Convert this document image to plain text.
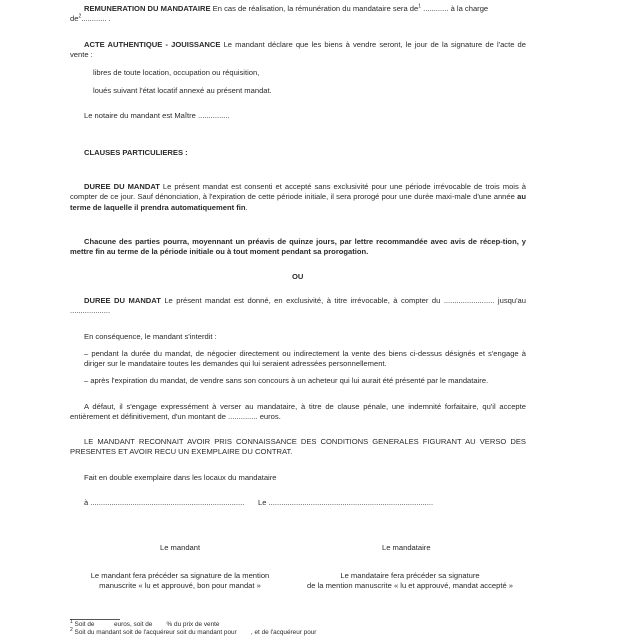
REMUNERATION DU MANDATAIRE En cas de réalisation, la rémunération du mandataire sera $de^1$ ............ à la charge
$de^2$............ .
ACTE AUTHENTIQUE - JOUISSANCE Le mandant déclare que les biens à vendre seront, le jour de la signature de l'acte de vente :
libres de toute location, occupation ou réquisition,
loués suivant l'état locatif annexé au présent mandat.
Le notaire du mandant est Maître ...............
CLAUSES PARTICULIERES :
DUREE DU MANDAT Le présent mandat est consenti et accepté sans exclusivité pour une période irrévocable de trois mois à compter de ce jour. Sauf dénonciation, à l'expiration de cette période initiale, il sera prorogé pour une durée maxi-male d'une année au terme de laquelle il prendra automatiquement fin.
Chacune des parties pourra, moyennant un préavis de quinze jours, par lettre recommandée avec avis de récep-tion, y mettre fin au terme de la période initiale ou à tout moment pendant sa prorogation.
OU
DUREE DU MANDAT Le présent mandat est donné, en exclusivité, à titre irrévocable, à compter du ........................ jusqu'au ...................
En conséquence, le mandant s'interdit :
– pendant la durée du mandat, de négocier directement ou indirectement la vente des biens ci-dessus désignés et s'engage à diriger sur le mandataire toutes les demandes qui lui seraient adressées personnellement.
– après l'expiration du mandat, de vendre sans son concours à un acheteur qui lui aurait été présenté par le mandataire.
A défaut, il s'engage expressément à verser au mandataire, à titre de clause pénale, une indemnité forfaitaire, qu'il accepte entièrement et définitivement, d'un montant de .............. euros.
LE MANDANT RECONNAIT AVOIR PRIS CONNAISSANCE DES CONDITIONS GENERALES FIGURANT AU VERSO DES PRESENTES ET AVOIR RECU UN EXEMPLAIRE DU CONTRAT.
Fait en double exemplaire dans les locaux du mandataire
à ......................................................................... Le ..............................................................................
Le mandant	Le mandataire
Le mandant fera précéder sa signature de la mention
manuscrite « lu et approuvé, bon pour mandat »
Le mandataire fera précéder sa signature
de la mention manuscrite « lu et approuvé, mandat accepté »
$^1$ Soit de           euros, soit de        % du prix de vente
$^2$ Soit du mandant soit de l'acquéreur soit du mandant pour        , et de l'acquéreur pour
